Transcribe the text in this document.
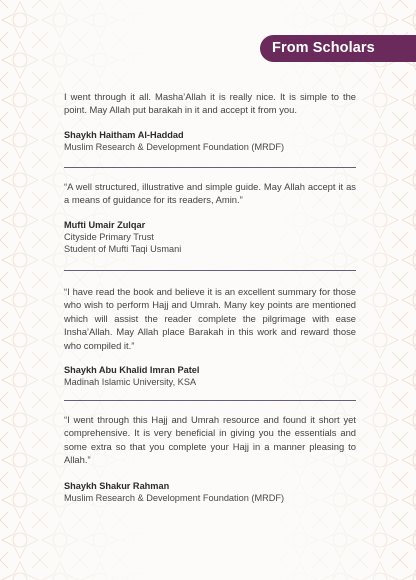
From Scholars

I went through it all. Masha’Allah it is really nice. It is simple to the point. May Allah put barakah in it and accept it from you.

Shaykh Haitham Al-Haddad

Muslim Research & Development Foundation (MRDF)

“A well structured, illustrative and simple guide. May Allah accept it as a means of guidance for its readers, Amin.”

Mufti Umair Zulqar

Cityside Primary Trust

Student of Mufti Taqi Usmani

“I have read the book and believe it is an excellent summary for those who wish to perform Hajj and Umrah. Many key points are mentioned which will assist the reader complete the pilgrimage with ease Insha’Allah. May Allah place Barakah in this work and reward those who compiled it.”

Shaykh Abu Khalid Imran Patel

Madinah Islamic University, KSA

“I went through this Hajj and Umrah resource and found it short yet comprehensive. It is very beneficial in giving you the essentials and some extra so that you complete your Hajj in a manner pleasing to Allah.”

Shaykh Shakur Rahman

Muslim Research & Development Foundation (MRDF)
